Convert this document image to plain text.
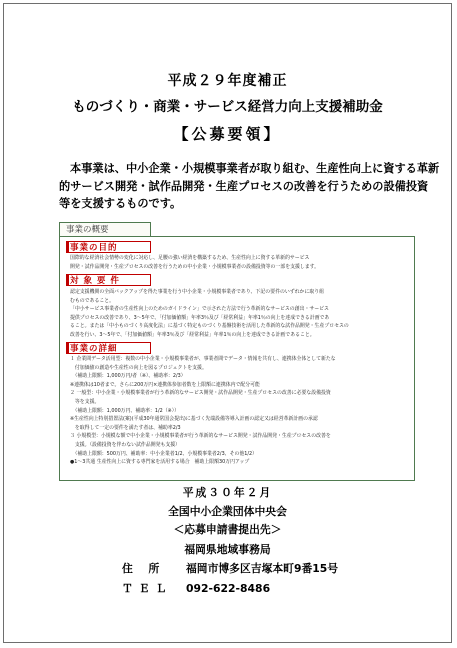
平成２９年度補正
ものづくり・商業・サービス経営力向上支援補助金
【公募要領】
本事業は、中小企業・小規模事業者が取り組む、生産性向上に資する革新
的サービス開発・試作品開発・生産プロセスの改善を行うための設備投資
等を支援するものです。
事業の概要
事業の目的
国際的な経済社会情勢の変化に対応し、足腰の強い経済を構築するため、生産性向上に資する革新的サービス
開発・試作品開発・生産プロセスの改善を行うための中小企業・小規模事業者の設備投資等の一部を支援します。
対 象 要 件
認定支援機関の全面バックアップを得た事業を行う中小企業・小規模事業者であり、下記の要件のいずれかに取り組
むものであること。
「中小サービス事業者の生産性向上のためのガイドライン」で示された方法で行う革新的なサービスの創出・サービス
提供プロセスの改善であり、3〜5年で、「付加価値額」年率3％及び「経常利益」年率1％の向上を達成できる計画であ
ること。または「中小ものづくり高度化法」に基づく特定ものづくり基盤技術を活用した革新的な試作品開発・生産プロセスの
改善を行い、3〜5年で、「付加価値額」年率3％及び「経常利益」年率1％の向上を達成できる計画であること。
事業の詳細
１ 企業間データ活用型：複数の中小企業・小規模事業者が、事業者間でデータ・情報を共有し、連携体全体として新たな
　付加価値の創造や生産性の向上を図るプロジェクトを支援。
　（補助上限額：1,000万円/者（※）、補助率：2/3）
※連携体は10者まで。さらに200万円×連携体参加者数を上限額に連携体内で配分可能
２ 一般型：中小企業・小規模事業者が行う革新的なサービス開発・試作品開発・生産プロセスの改善に必要な設備投資
　等を支援。
　（補助上限額：1,000万円、補助率：1/2（※））
※生産性向上特別措置法(案)(平成30年通常国会提出)に基づく先端設備等導入計画の認定又は経営革新計画の承認
　を取得して一定の要件を満たす者は、補助率2/3
３ 小規模型：小規模な額で中小企業・小規模事業者が行う革新的なサービス開発・試作品開発・生産プロセスの改善を
　支援。（設備投資を伴わない試作品開発も支援）
　（補助上限額：500万円、補助率：中小企業者1/2、小規模事業者2/3、その他1/2）
●1〜3共通 生産性向上に資する専門家を活用する場合　補助上限額30万円アップ
平成３０年２月
全国中小企業団体中央会
＜応募申請書提出先＞
福岡県地域事務局
住 所 福岡市博多区吉塚本町9番15号
ＴＥＬ 092-622-8486
